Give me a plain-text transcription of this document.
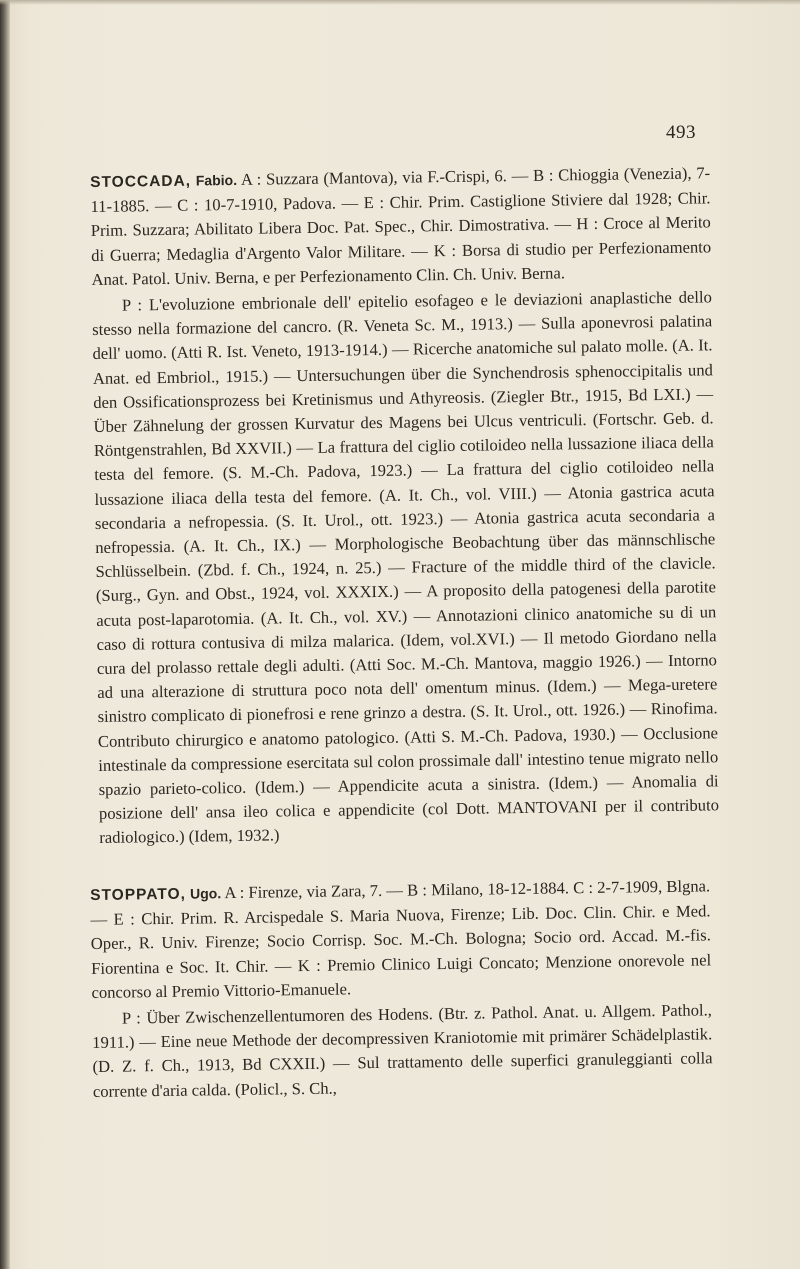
493

STOCCADA, Fabio. A : Suzzara (Mantova), via F.-Crispi, 6. — B : Chioggia (Venezia), 7-11-1885. — C : 10-7-1910, Padova. — E : Chir. Prim. Castiglione Stiviere dal 1928; Chir. Prim. Suzzara; Abilitato Libera Doc. Pat. Spec., Chir. Dimostrativa. — H : Croce al Merito di Guerra; Medaglia d'Argento Valor Militare. — K : Borsa di studio per Perfezionamento Anat. Patol. Univ. Berna, e per Perfezionamento Clin. Ch. Univ. Berna.

P : L'evoluzione embrionale dell' epitelio esofageo e le deviazioni anaplastiche dello stesso nella formazione del cancro. (R. Veneta Sc. M., 1913.) — Sulla aponevrosi palatina dell' uomo. (Atti R. Ist. Veneto, 1913-1914.) — Ricerche anatomiche sul palato molle. (A. It. Anat. ed Embriol., 1915.) — Untersuchungen über die Synchendrosis sphenoccipitalis und den Ossificationsprozess bei Kretinismus und Athyreosis. (Ziegler Btr., 1915, Bd LXI.) — Über Zähnelung der grossen Kurvatur des Magens bei Ulcus ventriculi. (Fortschr. Geb. d. Röntgenstrahlen, Bd XXVII.) — La frattura del ciglio cotiloideo nella lussazione iliaca della testa del femore. (S. M.-Ch. Padova, 1923.) — La frattura del ciglio cotiloideo nella lussazione iliaca della testa del femore. (A. It. Ch., vol. VIII.) — Atonia gastrica acuta secondaria a nefropessia. (S. It. Urol., ott. 1923.) — Atonia gastrica acuta secondaria a nefropessia. (A. It. Ch., IX.) — Morphologische Beobachtung über das männschlische Schlüsselbein. (Zbd. f. Ch., 1924, n. 25.) — Fracture of the middle third of the clavicle. (Surg., Gyn. and Obst., 1924, vol. XXXIX.) — A proposito della patogenesi della parotite acuta post-laparotomia. (A. It. Ch., vol. XV.) — Annotazioni clinico anatomiche su di un caso di rottura contusiva di milza malarica. (Idem, vol.XVI.) — Il metodo Giordano nella cura del prolasso rettale degli adulti. (Atti Soc. M.-Ch. Mantova, maggio 1926.) — Intorno ad una alterazione di struttura poco nota dell' omentum minus. (Idem.) — Mega-uretere sinistro complicato di pionefrosi e rene grinzo a destra. (S. It. Urol., ott. 1926.) — Rinofima. Contributo chirurgico e anatomo patologico. (Atti S. M.-Ch. Padova, 1930.) — Occlusione intestinale da compressione esercitata sul colon prossimale dall' intestino tenue migrato nello spazio parieto-colico. (Idem.) — Appendicite acuta a sinistra. (Idem.) — Anomalia di posizione dell' ansa ileo colica e appendicite (col Dott. MANTOVANI per il contributo radiologico.) (Idem, 1932.)

STOPPATO, Ugo. A : Firenze, via Zara, 7. — B : Milano, 18-12-1884. C : 2-7-1909, Blgna. — E : Chir. Prim. R. Arcispedale S. Maria Nuova, Firenze; Lib. Doc. Clin. Chir. e Med. Oper., R. Univ. Firenze; Socio Corrisp. Soc. M.-Ch. Bologna; Socio ord. Accad. M.-fis. Fiorentina e Soc. It. Chir. — K : Premio Clinico Luigi Concato; Menzione onorevole nel concorso al Premio Vittorio-Emanuele.

P : Über Zwischenzellentumoren des Hodens. (Btr. z. Pathol. Anat. u. Allgem. Pathol., 1911.) — Eine neue Methode der decompressiven Kraniotomie mit primärer Schädelplastik. (D. Z. f. Ch., 1913, Bd CXXII.) — Sul trattamento delle superfici granuleggianti colla corrente d'aria calda. (Policl., S. Ch.,
